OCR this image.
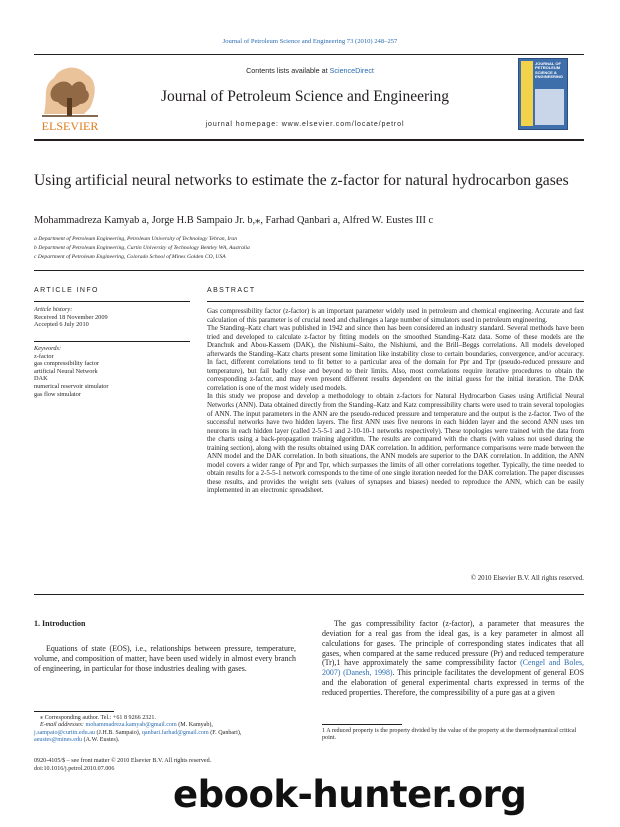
Journal of Petroleum Science and Engineering 73 (2010) 248–257
ELSEVIER
Contents lists available at ScienceDirect
Journal of Petroleum Science and Engineering
journal homepage: www.elsevier.com/locate/petrol
JOURNAL OF PETROLEUM SCIENCE & ENGINEERING
Using artificial neural networks to estimate the z-factor for natural hydrocarbon gases
Mohammadreza Kamyab a, Jorge H.B Sampaio Jr. b,⁎, Farhad Qanbari a, Alfred W. Eustes III c
a Department of Petroleum Engineering, Petroleum University of Technology Tehran, Iran
b Department of Petroleum Engineering, Curtin University of Technology Bentley WA, Australia
c Department of Petroleum Engineering, Colorado School of Mines Golden CO, USA
ARTICLE INFO
Article history:
Received 18 November 2009
Accepted 6 July 2010
Keywords:
z-factor
gas compressibility factor
artificial Neural Network
DAK
numerical reservoir simulator
gas flow simulator
ABSTRACT

Gas compressibility factor (z-factor) is an important parameter widely used in petroleum and chemical engineering. Accurate and fast calculation of this parameter is of crucial need and challenges a large number of simulators used in petroleum engineering.

The Standing–Katz chart was published in 1942 and since then has been considered an industry standard. Several methods have been tried and developed to calculate z-factor by fitting models on the smoothed Standing–Katz data. Some of these models are the Dranchuk and Abou-Kassem (DAK), the Nishiumi–Saito, the Nishiumi, and the Brill–Beggs correlations. All models developed afterwards the Standing–Katz charts present some limitation like instability close to certain boundaries, convergence, and/or accuracy. In fact, different correlations tend to fit better to a particular area of the domain for Ppr and Tpr (pseudo-reduced pressure and temperature), but fail badly close and beyond to their limits. Also, most correlations require iterative procedures to obtain the corresponding z-factor, and may even present different results dependent on the initial guess for the initial iteration. The DAK correlation is one of the most widely used models.

In this study we propose and develop a methodology to obtain z-factors for Natural Hydrocarbon Gases using Artificial Neural Networks (ANN). Data obtained directly from the Standing–Katz and Katz compressibility charts were used to train several topologies of ANN. The input parameters in the ANN are the pseudo-reduced pressure and temperature and the output is the z-factor. Two of the successful networks have two hidden layers. The first ANN uses five neurons in each hidden layer and the second ANN uses ten neurons in each hidden layer (called 2-5-5-1 and 2-10-10-1 networks respectively). These topologies were trained with the data from the charts using a back-propagation training algorithm. The results are compared with the charts (with values not used during the training section), along with the results obtained using DAK correlation. In addition, performance comparisons were made between the ANN model and the DAK correlation. In both situations, the ANN models are superior to the DAK correlation. In addition, the ANN model covers a wider range of Ppr and Tpr, which surpasses the limits of all other correlations together. Typically, the time needed to obtain results for a 2-5-5-1 network corresponds to the time of one single iteration needed for the DAK correlation. The paper discusses these results, and provides the weight sets (values of synapses and biases) needed to reproduce the ANN, which can be easily implemented in an electronic spreadsheet.

© 2010 Elsevier B.V. All rights reserved.
1. Introduction
Equations of state (EOS), i.e., relationships between pressure, temperature, volume, and composition of matter, have been used widely in almost every branch of engineering, in particular for those industries dealing with gases.
The gas compressibility factor (z-factor), a parameter that measures the deviation for a real gas from the ideal gas, is a key parameter in almost all calculations for gases. The principle of corresponding states indicates that all gases, when compared at the same reduced pressure (Pr) and reduced temperature (Tr),1 have approximately the same compressibility factor (Cengel and Boles, 2007) (Danesh, 1998). This principle facilitates the development of general EOS and the elaboration of general experimental charts expressed in terms of the reduced properties. Therefore, the compressibility of a pure gas at a given
⁎ Corresponding author. Tel.: +61 8 9266 2321.
E-mail addresses: mohammadreza.kamyab@gmail.com (M. Kamyab),
j.sampaio@curtin.edu.au (J.H.B. Sampaio), qanbari.farhad@gmail.com (F. Qanbari),
aeustes@mines.edu (A.W. Eustes).
1 A reduced property is the property divided by the value of the property at the thermodynamical critical point.
0920-4105/$ – see front matter © 2010 Elsevier B.V. All rights reserved.
doi:10.1016/j.petrol.2010.07.006
ebook-hunter.org
